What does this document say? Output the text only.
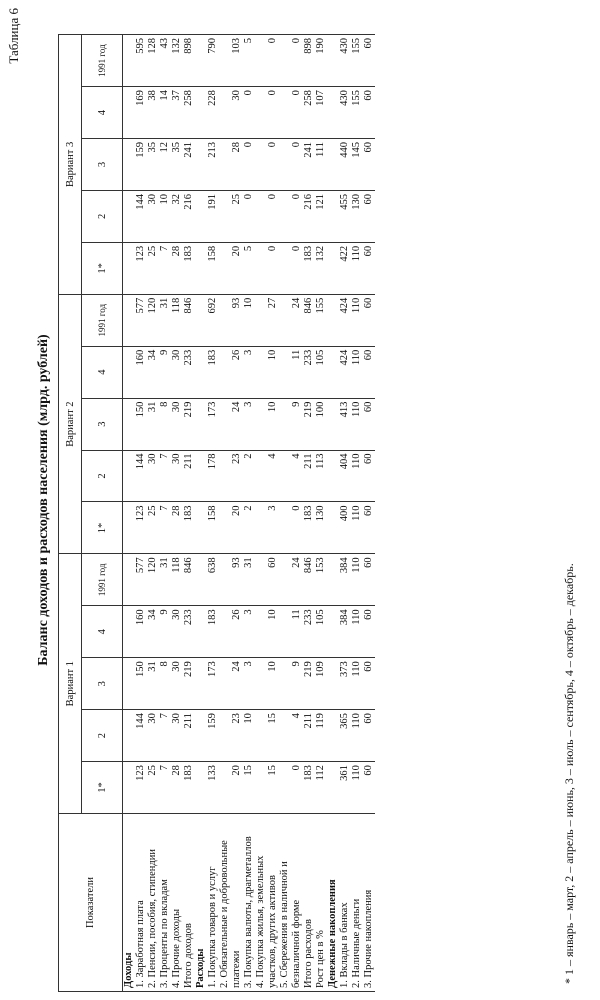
Таблица 6
Баланс доходов и расходов населения (млрд. рублей)
Показатели	Вариант 1					Вариант 2					Вариант 3				
	1*	2	3	4	1991 год	1*	2	3	4	1991 год	1*	2	3	4	1991 год
Доходы															
1. Заработная плата	123	144	150	160	577	123	144	150	160	577	123	144	159	169	595
2. Пенсии, пособия, стипендии	25	30	31	34	120	25	30	31	34	120	25	30	35	38	128
3. Проценты по вкладам	7	7	8	9	31	7	7	8	9	31	7	10	12	14	43
4. Прочие доходы	28	30	30	30	118	28	30	30	30	118	28	32	35	37	132
Итого доходов	183	211	219	233	846	183	211	219	233	846	183	216	241	258	898
Расходы															
1. Покупка товаров и услуг	133	159	173	183	638	158	178	173	183	692	158	191	213	228	790
2. Обязательные и добровольные платежи	20	23	24	26	93	20	23	24	26	93	20	25	28	30	103
3. Покупка валюты, драгметаллов	15	10	3	3	31	2	2	3	3	10	5	0	0	0	5
4. Покупка жилья, земельных участков, других активов	15	15	10	10	60	3	4	10	10	27	0	0	0	0	0
5. Сбережения в наличной и безналичной форме	0	4	9	11	24	0	4	9	11	24	0	0	0	0	0
Итого расходов	183	211	219	233	846	183	211	219	233	846	183	216	241	258	898
Рост цен в %	112	119	109	105	153	130	113	100	105	155	132	121	111	107	190
Денежные накопления															
1. Вклады в банках	361	365	373	384	384	400	404	413	424	424	422	455	440	430	430
2. Наличные деньги	110	110	110	110	110	110	110	110	110	110	110	130	145	155	155
3. Прочие накопления	60	60	60	60	60	60	60	60	60	60	60	60	60	60	60
* 1 – январь – март, 2 – апрель – июнь, 3 – июль – сентябрь, 4 – октябрь – декабрь.
